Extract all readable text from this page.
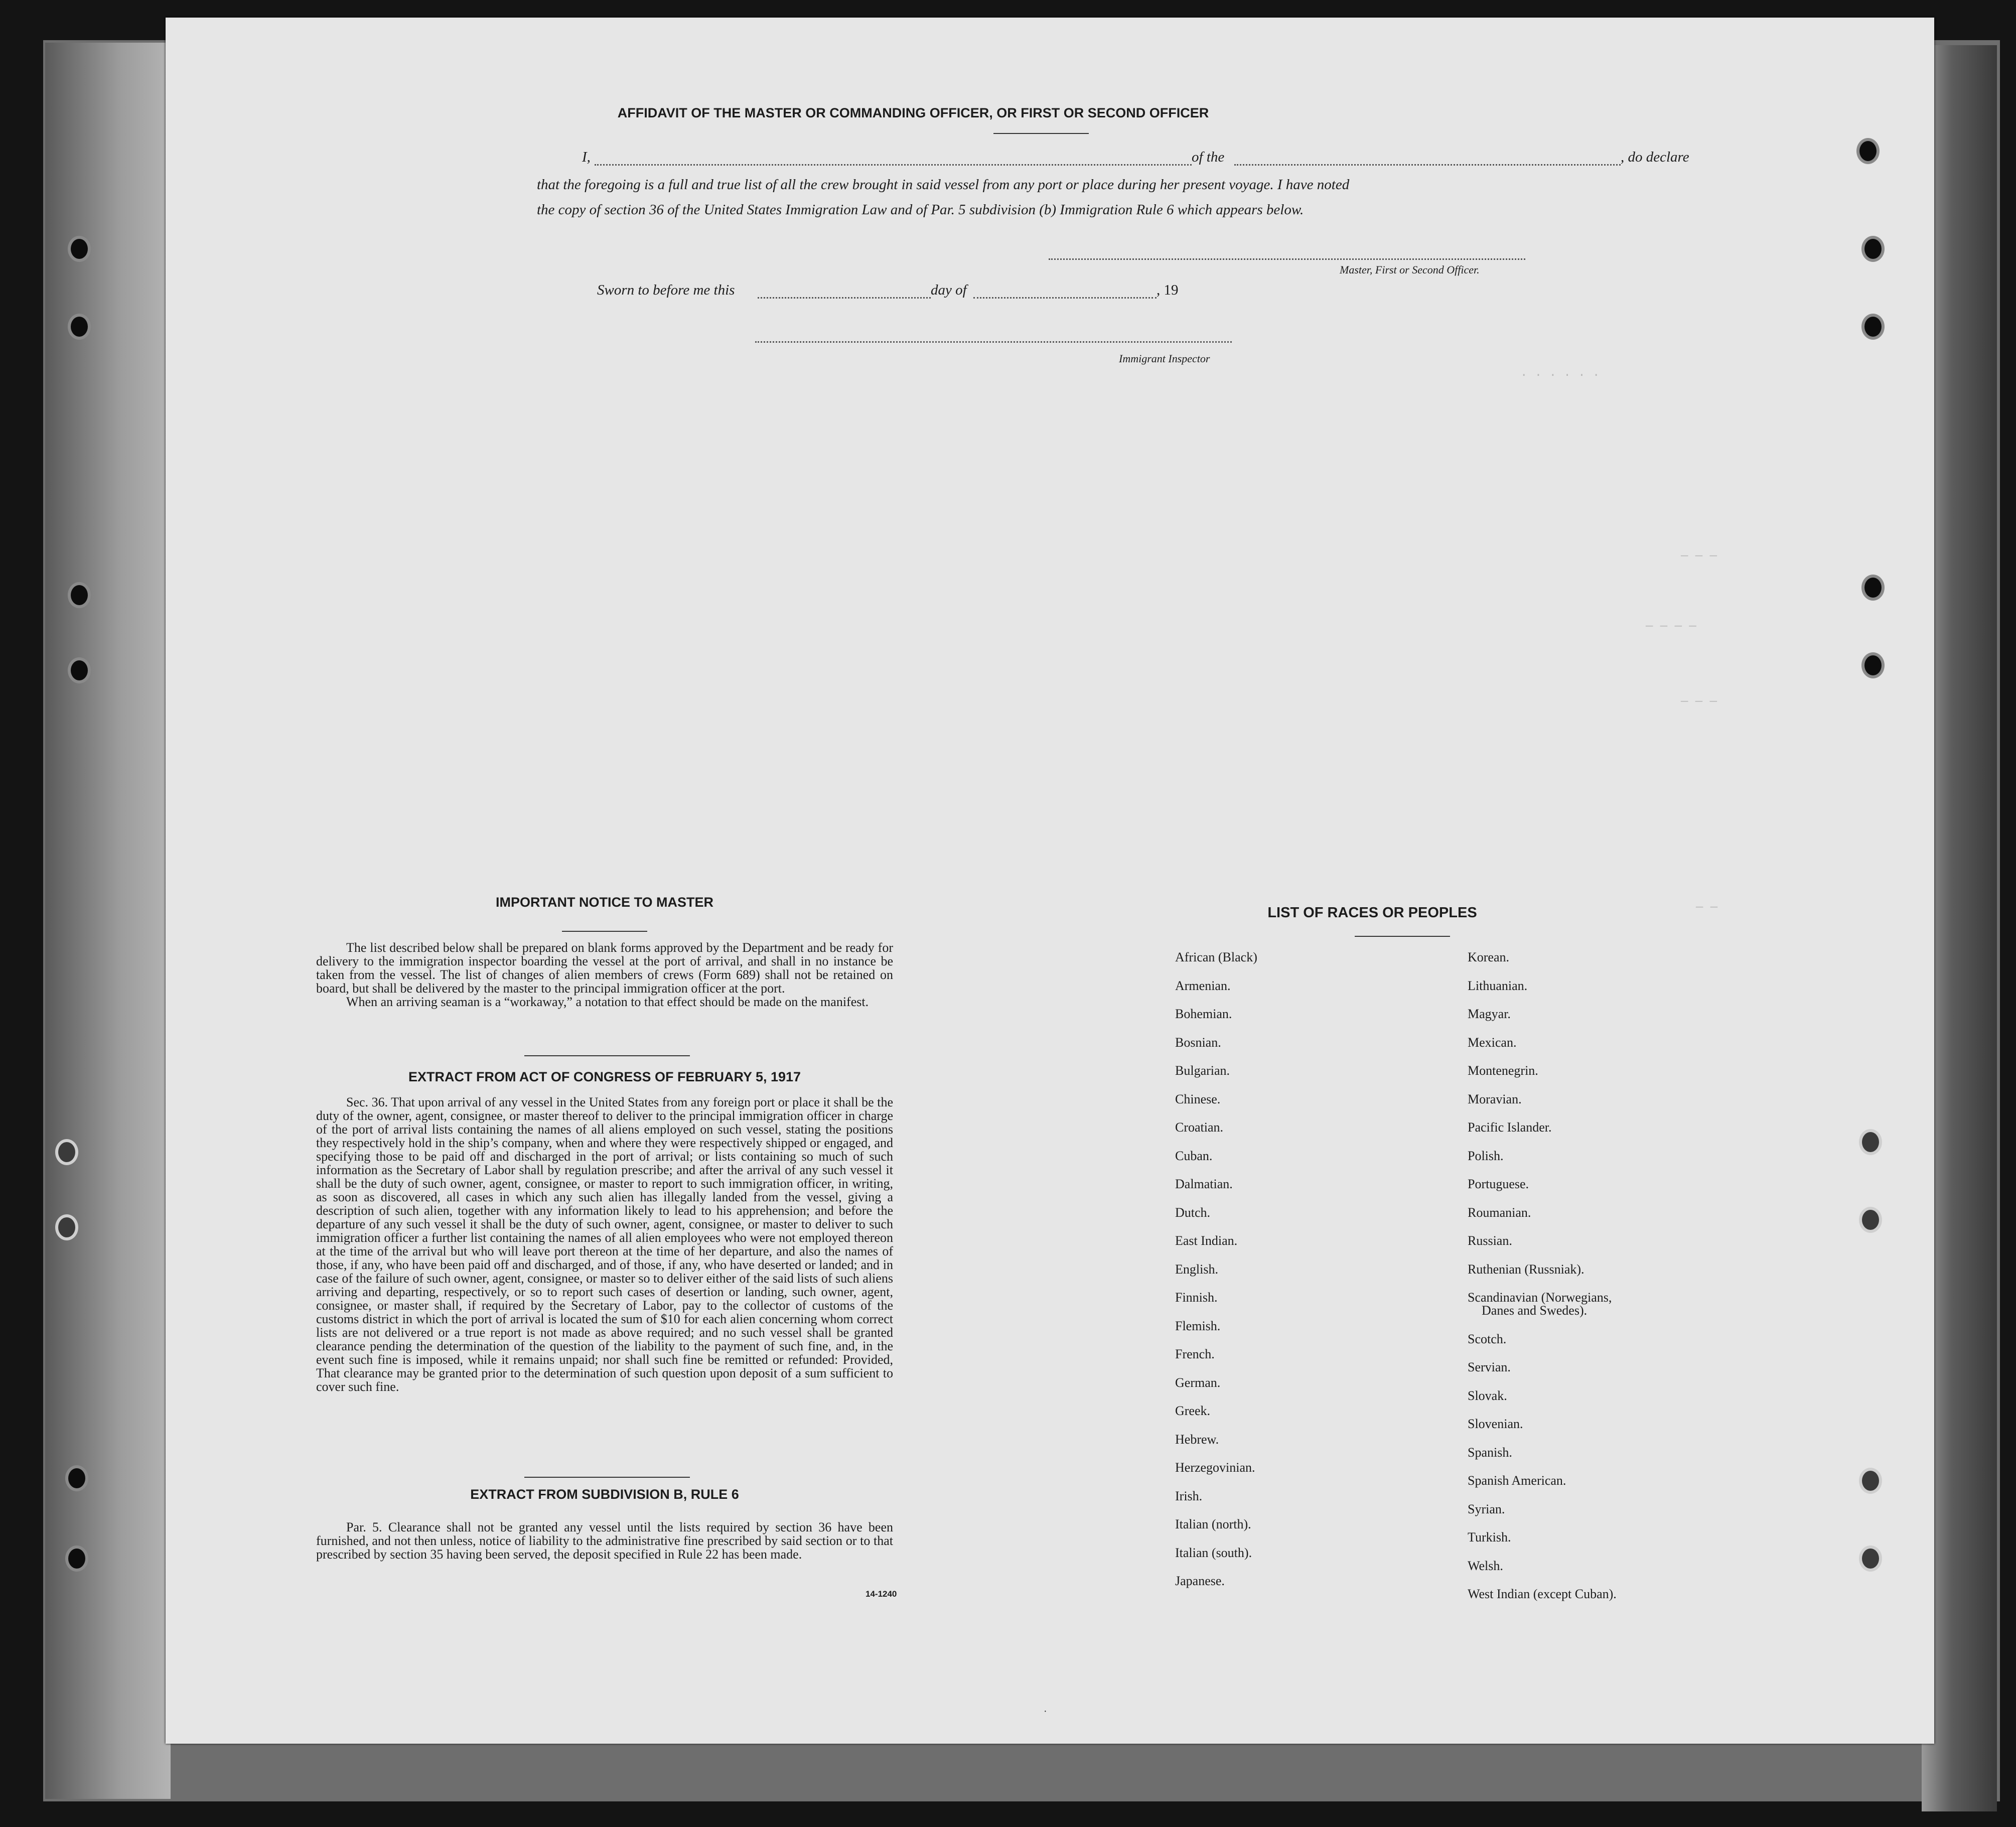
· · · · · ·
— — —
— — — —
— — —
— —
AFFIDAVIT OF THE MASTER OR COMMANDING OFFICER, OR FIRST OR SECOND OFFICER
I,	of the	, do declare
that the foregoing is a full and true list of all the crew brought in said vessel from any port or place during her present voyage. I have noted
the copy of section 36 of the United States Immigration Law and of Par. 5 subdivision (b) Immigration Rule 6 which appears below.
Master, First or Second Officer.
Sworn to before me this	day of	, 19
Immigrant Inspector
IMPORTANT NOTICE TO MASTER

The list described below shall be prepared on blank forms approved by the Department and be ready for delivery to the immigration inspector boarding the vessel at the port of arrival, and shall in no instance be taken from the vessel. The list of changes of alien members of crews (Form 689) shall not be retained on board, but shall be delivered by the master to the principal immigration officer at the port.

When an arriving seaman is a “workaway,” a notation to that effect should be made on the manifest.

EXTRACT FROM ACT OF CONGRESS OF FEBRUARY 5, 1917

Sec. 36. That upon arrival of any vessel in the United States from any foreign port or place it shall be the duty of the owner, agent, consignee, or master thereof to deliver to the principal immigration officer in charge of the port of arrival lists containing the names of all aliens employed on such vessel, stating the positions they respectively hold in the ship’s company, when and where they were respectively shipped or engaged, and specifying those to be paid off and discharged in the port of arrival; or lists containing so much of such information as the Secretary of Labor shall by regulation prescribe; and after the arrival of any such vessel it shall be the duty of such owner, agent, consignee, or master to report to such immigration officer, in writing, as soon as discovered, all cases in which any such alien has illegally landed from the vessel, giving a description of such alien, together with any information likely to lead to his apprehension; and before the departure of any such vessel it shall be the duty of such owner, agent, consignee, or master to deliver to such immigration officer a further list containing the names of all alien employees who were not employed thereon at the time of the arrival but who will leave port thereon at the time of her departure, and also the names of those, if any, who have been paid off and discharged, and of those, if any, who have deserted or landed; and in case of the failure of such owner, agent, consignee, or master so to deliver either of the said lists of such aliens arriving and departing, respectively, or so to report such cases of desertion or landing, such owner, agent, consignee, or master shall, if required by the Secretary of Labor, pay to the collector of customs of the customs district in which the port of arrival is located the sum of $10 for each alien concerning whom correct lists are not delivered or a true report is not made as above required; and no such vessel shall be granted clearance pending the determination of the question of the liability to the payment of such fine, and, in the event such fine is imposed, while it remains unpaid; nor shall such fine be remitted or refunded: Provided, That clearance may be granted prior to the determination of such question upon deposit of a sum sufficient to cover such fine.

EXTRACT FROM SUBDIVISION B, RULE 6

Par. 5. Clearance shall not be granted any vessel until the lists required by section 36 have been furnished, and not then unless, notice of liability to the administrative fine prescribed by said section or to that prescribed by section 35 having been served, the deposit specified in Rule 22 has been made.

14-1240
LIST OF RACES OR PEOPLES
African (Black)
Armenian.
Bohemian.
Bosnian.
Bulgarian.
Chinese.
Croatian.
Cuban.
Dalmatian.
Dutch.
East Indian.
English.
Finnish.
Flemish.
French.
German.
Greek.
Hebrew.
Herzegovinian.
Irish.
Italian (north).
Italian (south).
Japanese.
Korean.
Lithuanian.
Magyar.
Mexican.
Montenegrin.
Moravian.
Pacific Islander.
Polish.
Portuguese.
Roumanian.
Russian.
Ruthenian (Russniak).
Scandinavian (Norwegians,
Danes and Swedes).
Scotch.
Servian.
Slovak.
Slovenian.
Spanish.
Spanish American.
Syrian.
Turkish.
Welsh.
West Indian (except Cuban).
·
